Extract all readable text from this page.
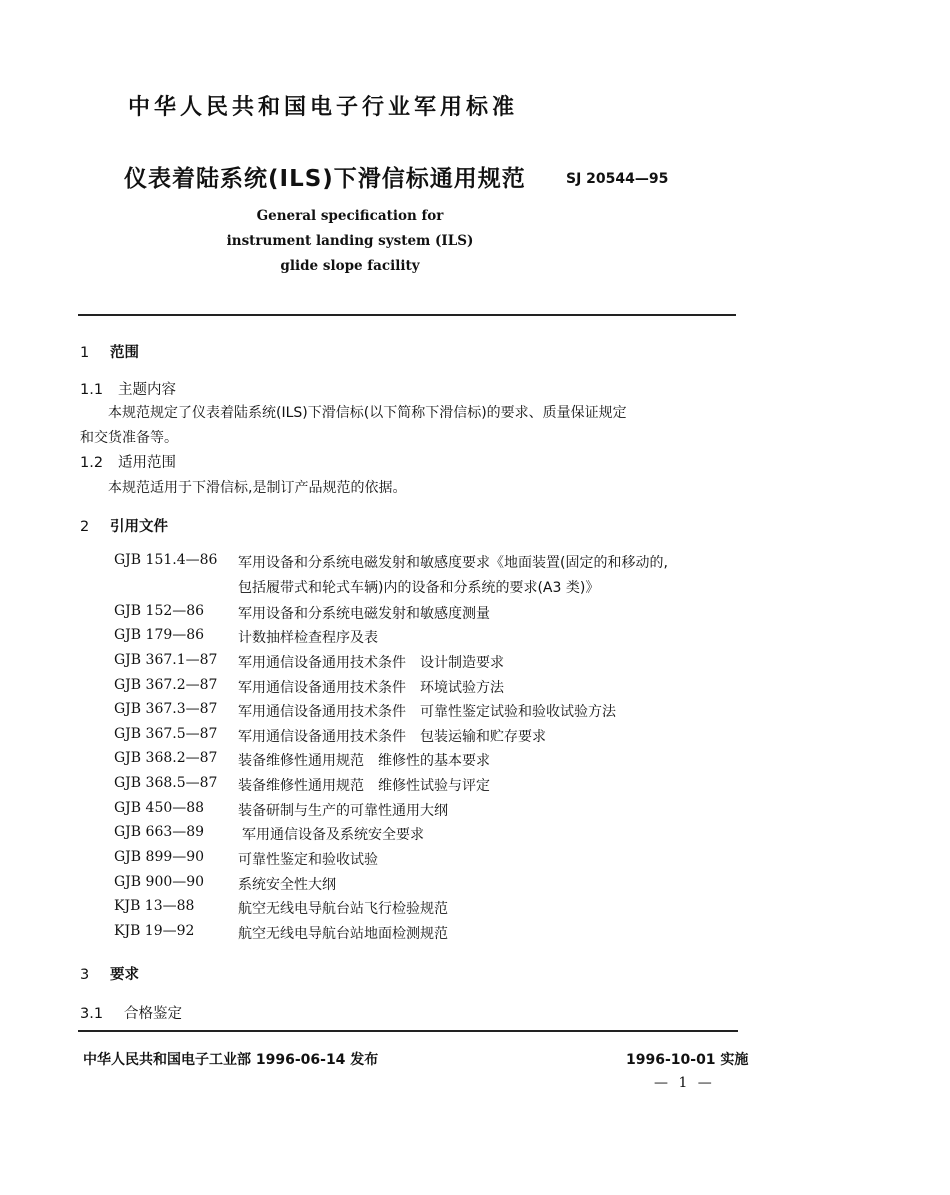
中华人民共和国电子行业军用标准
仪表着陆系统(ILS)下滑信标通用规范	SJ 20544—95
General specification for
instrument landing system (ILS)
glide slope facility
1 范围
1.1 主题内容
本规范规定了仪表着陆系统(ILS)下滑信标(以下简称下滑信标)的要求、质量保证规定
和交货准备等。
1.2 适用范围
本规范适用于下滑信标,是制订产品规范的依据。
2 引用文件
GJB 151.4—86 军用设备和分系统电磁发射和敏感度要求《地面装置(固定的和移动的,
包括履带式和轮式车辆)内的设备和分系统的要求(A3 类)》
GJB 152—86 军用设备和分系统电磁发射和敏感度测量
GJB 179—86 计数抽样检查程序及表
GJB 367.1—87 军用通信设备通用技术条件　设计制造要求
GJB 367.2—87 军用通信设备通用技术条件　环境试验方法
GJB 367.3—87 军用通信设备通用技术条件　可靠性鉴定试验和验收试验方法
GJB 367.5—87 军用通信设备通用技术条件　包装运输和贮存要求
GJB 368.2—87 装备维修性通用规范　维修性的基本要求
GJB 368.5—87 装备维修性通用规范　维修性试验与评定
GJB 450—88 装备研制与生产的可靠性通用大纲
GJB 663—89	军用通信设备及系统安全要求
GJB 899—90 可靠性鉴定和验收试验
GJB 900—90 系统安全性大纲
KJB 13—88	航空无线电导航台站飞行检验规范
KJB 19—92	航空无线电导航台站地面检测规范
3 要求
3.1 合格鉴定
中华人民共和国电子工业部 1996-06-14 发布	1996-10-01 实施
— 1 —
